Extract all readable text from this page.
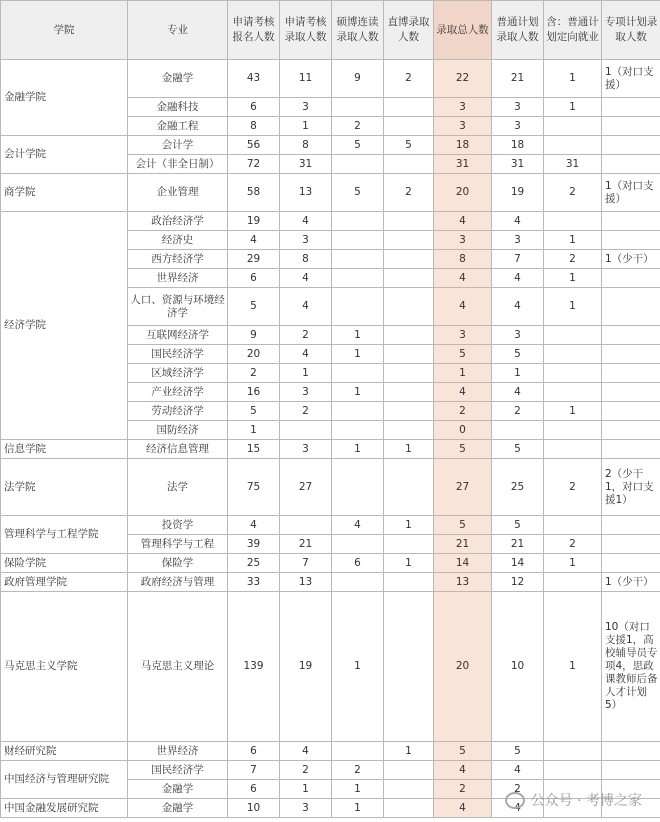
学院	专业	申请考核报名人数	申请考核录取人数	硕博连读录取人数	直博录取人数	录取总人数	普通计划录取人数	含：普通计划定向就业	专项计划录取人数
金融学院	金融学	43	11	9	2	22	21	1	1（对口支援）
	金融科技	6	3			3	3	1	
	金融工程	8	1	2		3	3		
会计学院	会计学	56	8	5	5	18	18		
	会计（非全日制）	72	31			31	31	31	
商学院	企业管理	58	13	5	2	20	19	2	1（对口支援）
经济学院	政治经济学	19	4			4	4		
	经济史	4	3			3	3	1	
	西方经济学	29	8			8	7	2	1（少干）
	世界经济	6	4			4	4	1	
	人口、资源与环境经济学	5	4			4	4	1	
	互联网经济学	9	2	1		3	3		
	国民经济学	20	4	1		5	5		
	区域经济学	2	1			1	1		
	产业经济学	16	3	1		4	4		
	劳动经济学	5	2			2	2	1	
	国防经济	1				0			
信息学院	经济信息管理	15	3	1	1	5	5		
法学院	法学	75	27			27	25	2	2（少干1，对口支援1）
管理科学与工程学院	投资学	4		4	1	5	5		
	管理科学与工程	39	21			21	21	2	
保险学院	保险学	25	7	6	1	14	14	1	
政府管理学院	政府经济与管理	33	13			13	12		1（少干）
马克思主义学院	马克思主义理论	139	19	1		20	10	1	10（对口支援1，高校辅导员专项4，思政课教师后备人才计划5）
财经研究院	世界经济	6	4		1	5	5		
中国经济与管理研究院	国民经济学	7	2	2		4	4		
	金融学	6	1	1		2	2		
中国金融发展研究院	金融学	10	3	1		4	4		公众号 · 考博之家
